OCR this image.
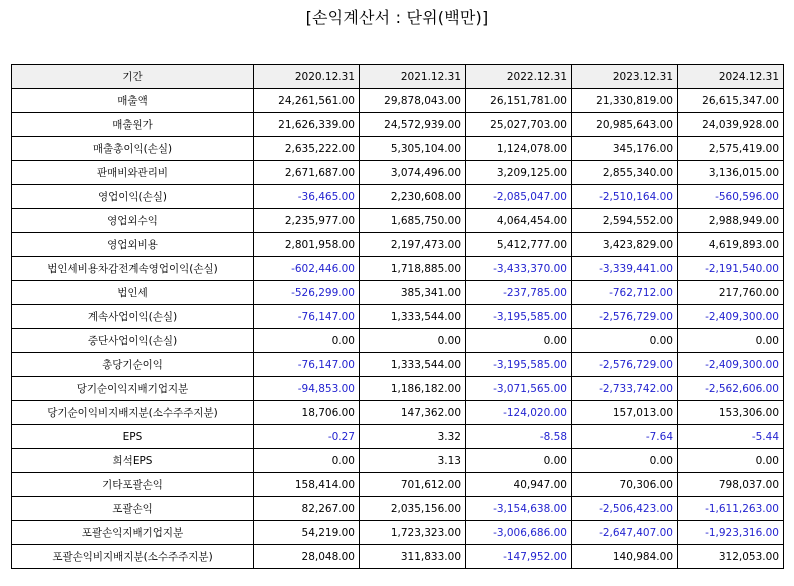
[손익계산서 : 단위(백만)]
기간	2020.12.31	2021.12.31	2022.12.31	2023.12.31	2024.12.31
매출액	24,261,561.00	29,878,043.00	26,151,781.00	21,330,819.00	26,615,347.00
매출원가	21,626,339.00	24,572,939.00	25,027,703.00	20,985,643.00	24,039,928.00
매출총이익(손실)	2,635,222.00	5,305,104.00	1,124,078.00	345,176.00	2,575,419.00
판매비와관리비	2,671,687.00	3,074,496.00	3,209,125.00	2,855,340.00	3,136,015.00
영업이익(손실)	-36,465.00	2,230,608.00	-2,085,047.00	-2,510,164.00	-560,596.00
영업외수익	2,235,977.00	1,685,750.00	4,064,454.00	2,594,552.00	2,988,949.00
영업외비용	2,801,958.00	2,197,473.00	5,412,777.00	3,423,829.00	4,619,893.00
법인세비용차감전계속영업이익(손실)	-602,446.00	1,718,885.00	-3,433,370.00	-3,339,441.00	-2,191,540.00
법인세	-526,299.00	385,341.00	-237,785.00	-762,712.00	217,760.00
계속사업이익(손실)	-76,147.00	1,333,544.00	-3,195,585.00	-2,576,729.00	-2,409,300.00
중단사업이익(손실)	0.00	0.00	0.00	0.00	0.00
총당기순이익	-76,147.00	1,333,544.00	-3,195,585.00	-2,576,729.00	-2,409,300.00
당기순이익지배기업지분	-94,853.00	1,186,182.00	-3,071,565.00	-2,733,742.00	-2,562,606.00
당기순이익비지배지분(소수주주지분)	18,706.00	147,362.00	-124,020.00	157,013.00	153,306.00
EPS	-0.27	3.32	-8.58	-7.64	-5.44
희석EPS	0.00	3.13	0.00	0.00	0.00
기타포괄손익	158,414.00	701,612.00	40,947.00	70,306.00	798,037.00
포괄손익	82,267.00	2,035,156.00	-3,154,638.00	-2,506,423.00	-1,611,263.00
포괄손익지배기업지분	54,219.00	1,723,323.00	-3,006,686.00	-2,647,407.00	-1,923,316.00
포괄손익비지배지분(소수주주지분)	28,048.00	311,833.00	-147,952.00	140,984.00	312,053.00
